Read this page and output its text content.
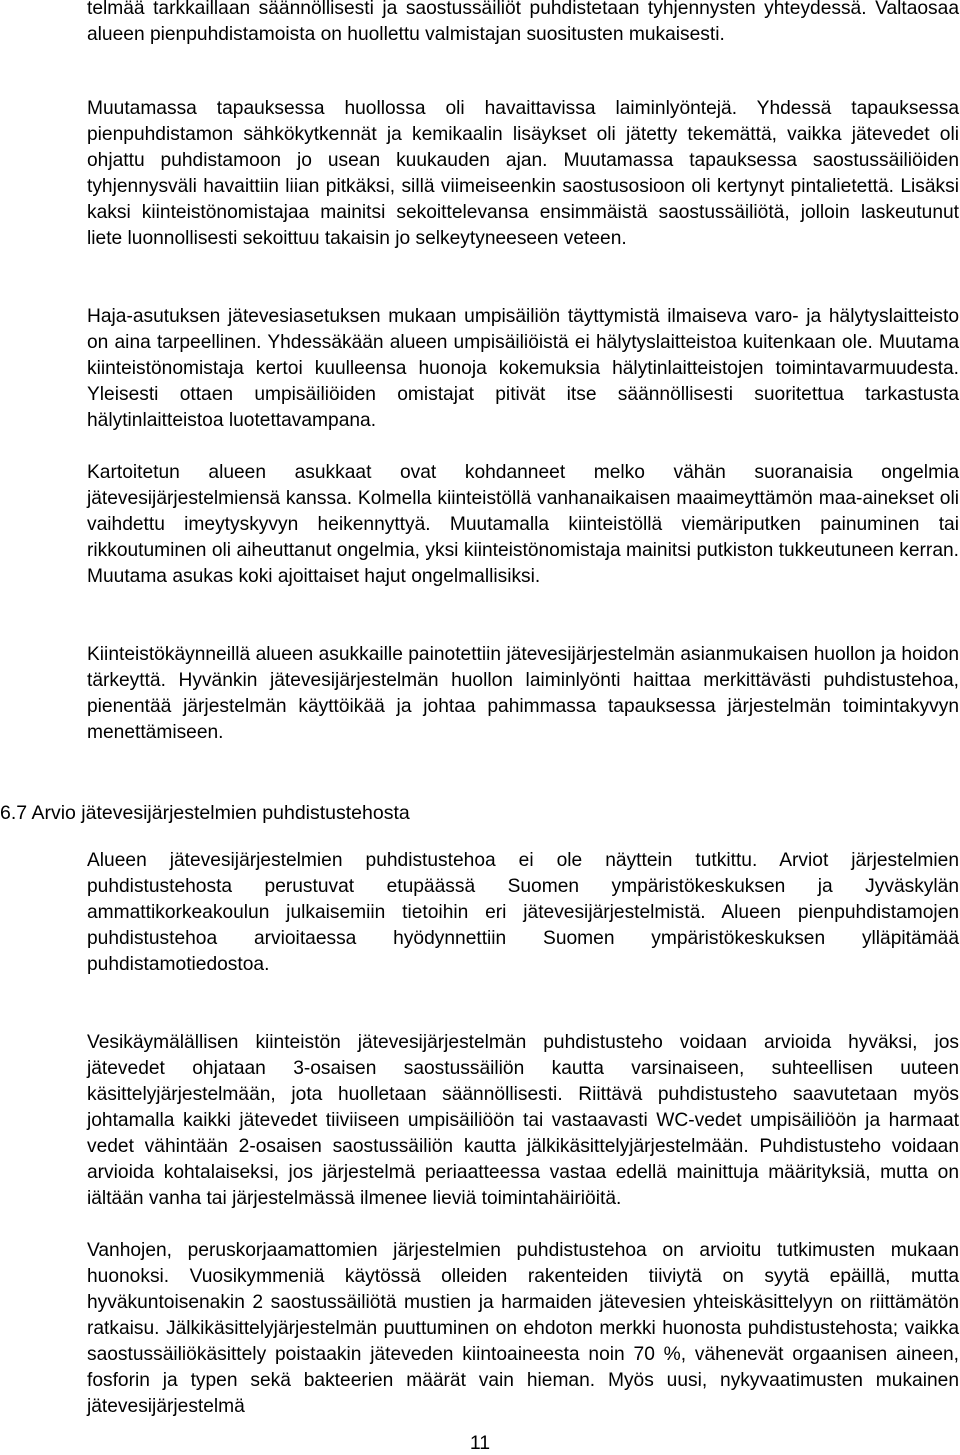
telmää tarkkaillaan säännöllisesti ja saostussäiliöt puhdistetaan tyhjennysten yhteydessä. Valtaosaa alueen pienpuhdistamoista on huollettu valmistajan suositusten mukaisesti.

Muutamassa tapauksessa huollossa oli havaittavissa laiminlyöntejä. Yhdessä tapauksessa pienpuhdistamon sähkökytkennät ja kemikaalin lisäykset oli jätetty tekemättä, vaikka jätevedet oli ohjattu puhdistamoon jo usean kuukauden ajan. Muutamassa tapauksessa saostussäiliöiden tyhjennysväli havaittiin liian pitkäksi, sillä viimeiseenkin saostusosioon oli kertynyt pintalietettä. Lisäksi kaksi kiinteistönomistajaa mainitsi sekoittelevansa ensimmäistä saostussäiliötä, jolloin laskeutunut liete luonnollisesti sekoittuu takaisin jo selkeytyneeseen veteen.

Haja-asutuksen jätevesiasetuksen mukaan umpisäiliön täyttymistä ilmaiseva varo- ja hälytyslaitteisto on aina tarpeellinen. Yhdessäkään alueen umpisäiliöistä ei hälytyslaitteistoa kuitenkaan ole. Muutama kiinteistönomistaja kertoi kuulleensa huonoja kokemuksia hälytinlaitteistojen toimintavarmuudesta. Yleisesti ottaen umpisäiliöiden omistajat pitivät itse säännöllisesti suoritettua tarkastusta hälytinlaitteistoa luotettavampana.

Kartoitetun alueen asukkaat ovat kohdanneet melko vähän suoranaisia ongelmia jätevesijärjestelmiensä kanssa. Kolmella kiinteistöllä vanhanaikaisen maaimeyttämön maa-ainekset oli vaihdettu imeytyskyvyn heikennyttyä. Muutamalla kiinteistöllä viemäriputken painuminen tai rikkoutuminen oli aiheuttanut ongelmia, yksi kiinteistönomistaja mainitsi putkiston tukkeutuneen kerran. Muutama asukas koki ajoittaiset hajut ongelmallisiksi.

Kiinteistökäynneillä alueen asukkaille painotettiin jätevesijärjestelmän asianmukaisen huollon ja hoidon tärkeyttä. Hyvänkin jätevesijärjestelmän huollon laiminlyönti haittaa merkittävästi puhdistustehoa, pienentää järjestelmän käyttöikää ja johtaa pahimmassa tapauksessa järjestelmän toimintakyvyn menettämiseen.

6.7 Arvio jätevesijärjestelmien puhdistustehosta

Alueen jätevesijärjestelmien puhdistustehoa ei ole näyttein tutkittu. Arviot järjestelmien puhdistustehosta perustuvat etupäässä Suomen ympäristökeskuksen ja Jyväskylän ammattikorkeakoulun julkaisemiin tietoihin eri jätevesijärjestelmistä. Alueen pienpuhdistamojen puhdistustehoa arvioitaessa hyödynnettiin Suomen ympäristökeskuksen ylläpitämää puhdistamotiedostoa.

Vesikäymälällisen kiinteistön jätevesijärjestelmän puhdistusteho voidaan arvioida hyväksi, jos jätevedet ohjataan 3-osaisen saostussäiliön kautta varsinaiseen, suhteellisen uuteen käsittelyjärjestelmään, jota huolletaan säännöllisesti. Riittävä puhdistusteho saavutetaan myös johtamalla kaikki jätevedet tiiviiseen umpisäiliöön tai vastaavasti WC-vedet umpisäiliöön ja harmaat vedet vähintään 2-osaisen saostussäiliön kautta jälkikäsittelyjärjestelmään. Puhdistusteho voidaan arvioida kohtalaiseksi, jos järjestelmä periaatteessa vastaa edellä mainittuja määrityksiä, mutta on iältään vanha tai järjestelmässä ilmenee lieviä toimintahäiriöitä.

Vanhojen, peruskorjaamattomien järjestelmien puhdistustehoa on arvioitu tutkimusten mukaan huonoksi. Vuosikymmeniä käytössä olleiden rakenteiden tiiviytä on syytä epäillä, mutta hyväkuntoisenakin 2 saostussäiliötä mustien ja harmaiden jätevesien yhteiskäsittelyyn on riittämätön ratkaisu. Jälkikäsittelyjärjestelmän puuttuminen on ehdoton merkki huonosta puhdistustehosta; vaikka saostussäiliökäsittely poistaakin jätevеden kiintoaineesta noin 70 %, vähenevät orgaanisen aineen, fosforin ja typen sekä bakteerien määrät vain hieman. Myös uusi, nykyvaatimusten mukainen jätevesijärjestelmä

11
